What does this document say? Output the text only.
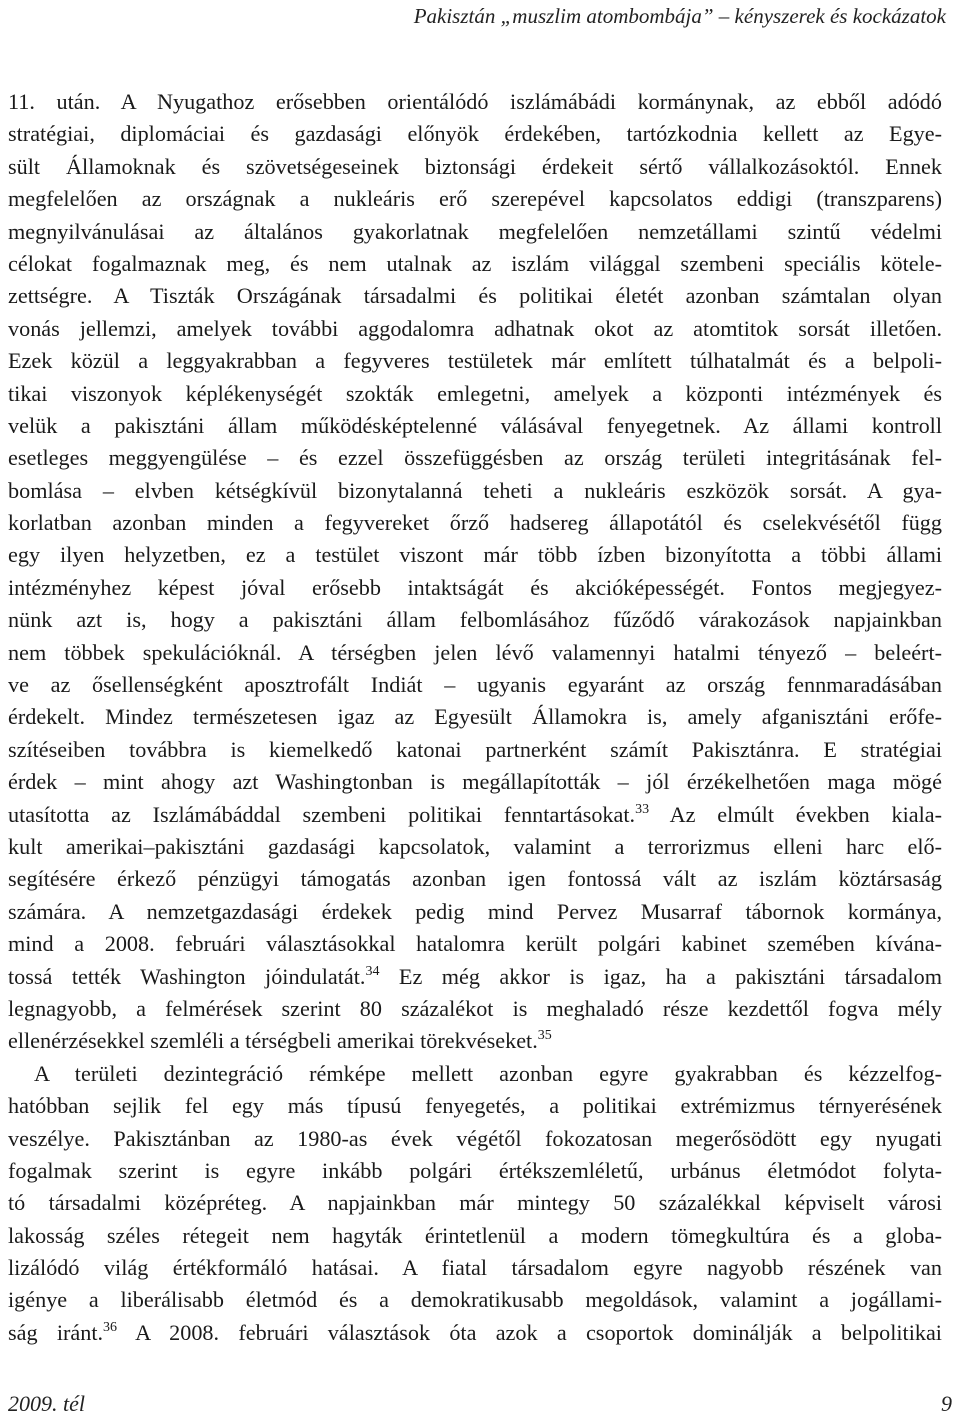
Pakisztán „muszlim atombombája” – kényszerek és kockázatok
11. után. A Nyugathoz erősebben orientálódó iszlámábádi kormánynak, az ebből adódó
stratégiai, diplomáciai és gazdasági előnyök érdekében, tartózkodnia kellett az Egye-
sült Államoknak és szövetségeseinek biztonsági érdekeit sértő vállalkozásoktól. Ennek
megfelelően az országnak a nukleáris erő szerepével kapcsolatos eddigi (transzparens)
megnyilvánulásai az általános gyakorlatnak megfelelően nemzetállami szintű védelmi
célokat fogalmaznak meg, és nem utalnak az iszlám világgal szembeni speciális kötele-
zettségre. A Tiszták Országának társadalmi és politikai életét azonban számtalan olyan
vonás jellemzi, amelyek további aggodalomra adhatnak okot az atomtitok sorsát illetően.
Ezek közül a leggyakrabban a fegyveres testületek már említett túlhatalmát és a belpoli-
tikai viszonyok képlékenységét szokták emlegetni, amelyek a központi intézmények és
velük a pakisztáni állam működésképtelenné válásával fenyegetnek. Az állami kontroll
esetleges meggyengülése – és ezzel összefüggésben az ország területi integritásának fel-
bomlása – elvben kétségkívül bizonytalanná teheti a nukleáris eszközök sorsát. A gya-
korlatban azonban minden a fegyvereket őrző hadsereg állapotától és cselekvésétől függ
egy ilyen helyzetben, ez a testület viszont már több ízben bizonyította a többi állami
intézményhez képest jóval erősebb intaktságát és akcióképességét. Fontos megjegyez-
nünk azt is, hogy a pakisztáni állam felbomlásához fűződő várakozások napjainkban
nem többek spekulációknál. A térségben jelen lévő valamennyi hatalmi tényező – beleért-
ve az ősellenségként aposztrofált Indiát – ugyanis egyaránt az ország fennmaradásában
érdekelt. Mindez természetesen igaz az Egyesült Államokra is, amely afganisztáni erőfe-
szítéseiben továbbra is kiemelkedő katonai partnerként számít Pakisztánra. E stratégiai
érdek – mint ahogy azt Washingtonban is megállapították – jól érzékelhetően maga mögé
utasította az Iszlámábáddal szembeni politikai fenntartásokat.$^{33}$ Az elmúlt években kiala-
kult amerikai–pakisztáni gazdasági kapcsolatok, valamint a terrorizmus elleni harc elő-
segítésére érkező pénzügyi támogatás azonban igen fontossá vált az iszlám köztársaság
számára. A nemzetgazdasági érdekek pedig mind Pervez Musarraf tábornok kormánya,
mind a 2008. februári választásokkal hatalomra került polgári kabinet szemében kívána-
tossá tették Washington jóindulatát.$^{34}$ Ez még akkor is igaz, ha a pakisztáni társadalom
legnagyobb, a felmérések szerint 80 százalékot is meghaladó része kezdettől fogva mély
ellenérzésekkel szemléli a térségbeli amerikai törekvéseket.$^{35}$
A területi dezintegráció rémképe mellett azonban egyre gyakrabban és kézzelfog-
hatóbban sejlik fel egy más típusú fenyegetés, a politikai extrémizmus térnyerésének
veszélye. Pakisztánban az 1980-as évek végétől fokozatosan megerősödött egy nyugati
fogalmak szerint is egyre inkább polgári értékszemléletű, urbánus életmódot folyta-
tó társadalmi középréteg. A napjainkban már mintegy 50 százalékkal képviselt városi
lakosság széles rétegeit nem hagyták érintetlenül a modern tömegkultúra és a globa-
lizálódó világ értékformáló hatásai. A fiatal társadalom egyre nagyobb részének van
igénye a liberálisabb életmód és a demokratikusabb megoldások, valamint a jogállami-
ság iránt.$^{36}$ A 2008. februári választások óta azok a csoportok dominálják a belpolitikai
2009. tél	9
